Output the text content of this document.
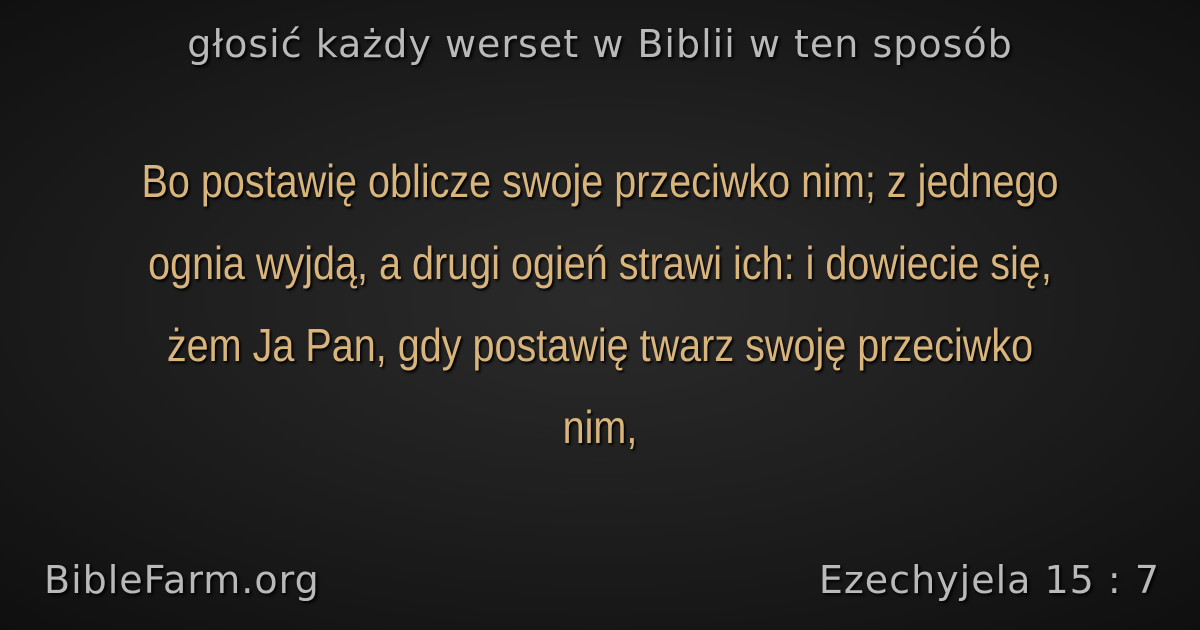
głosić każdy werset w Biblii w ten sposób
Bo postawię oblicze swoje przeciwko nim; z jednego ognia wyjdą, a drugi ogień strawi ich: i dowiecie się, żem Ja Pan, gdy postawię twarz swoję przeciwko nim,
BibleFarm.org	Ezechyjela 15 : 7
